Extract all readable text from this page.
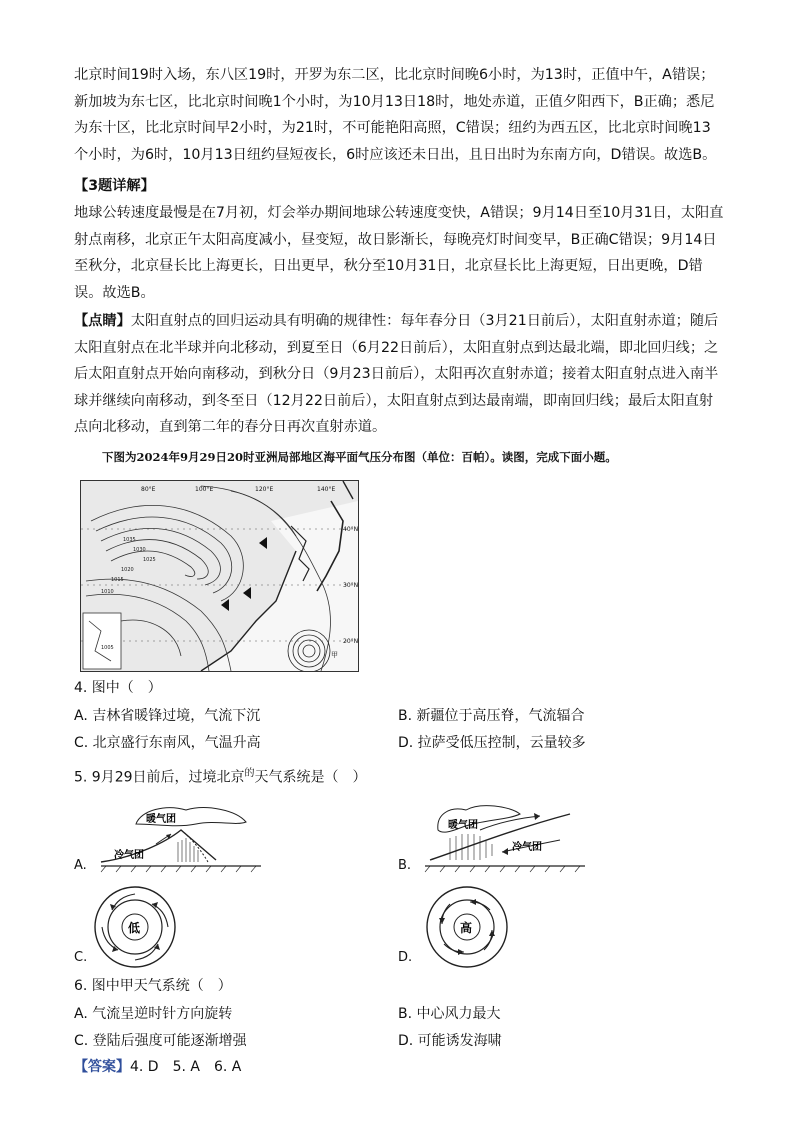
北京时间19时入场，东八区19时，开罗为东二区，比北京时间晚6小时，为13时，正值中午，A错误；新加坡为东七区，比北京时间晚1个小时，为10月13日18时，地处赤道，正值夕阳西下，B正确；悉尼为东十区，比北京时间早2小时，为21时，不可能艳阳高照，C错误；纽约为西五区，比北京时间晚13个小时，为6时，10月13日纽约昼短夜长，6时应该还未日出，且日出时为东南方向，D错误。故选B。

【3题详解】

地球公转速度最慢是在7月初，灯会举办期间地球公转速度变快，A错误；9月14日至10月31日，太阳直射点南移，北京正午太阳高度减小，昼变短，故日影渐长，每晚亮灯时间变早，B正确C错误；9月14日至秋分，北京昼长比上海更长，日出更早，秋分至10月31日，北京昼长比上海更短，日出更晚，D错误。故选B。

【点睛】太阳直射点的回归运动具有明确的规律性：每年春分日（3月21日前后），太阳直射赤道；随后太阳直射点在北半球并向北移动，到夏至日（6月22日前后），太阳直射点到达最北端，即北回归线；之后太阳直射点开始向南移动，到秋分日（9月23日前后），太阳再次直射赤道；接着太阳直射点进入南半球并继续向南移动，到冬至日（12月22日前后），太阳直射点到达最南端，即南回归线；最后太阳直射点向北移动，直到第二年的春分日再次直射赤道。

下图为2024年9月29日20时亚洲局部地区海平面气压分布图（单位：百帕）。读图，完成下面小题。
80°E	100°E	120°E	140°E
40°N
30°N
20°N
1035
1030
1025
1020
1015
1010
1005
甲
4. 图中（　）
A. 吉林省暖锋过境，气流下沉	B. 新疆位于高压脊，气流辐合
C. 北京盛行东南风，气温升高	D. 拉萨受低压控制，云量较多
5. 9月29日前后，过境北京$^的$天气系统是（　）
A.
暖气团
冷气团
B.
暖气团
冷气团
C.
低
D.
高
6. 图中甲天气系统（　）
A. 气流呈逆时针方向旋转	B. 中心风力最大
C. 登陆后强度可能逐渐增强	D. 可能诱发海啸
【答案】4. D　5. A　6. A
